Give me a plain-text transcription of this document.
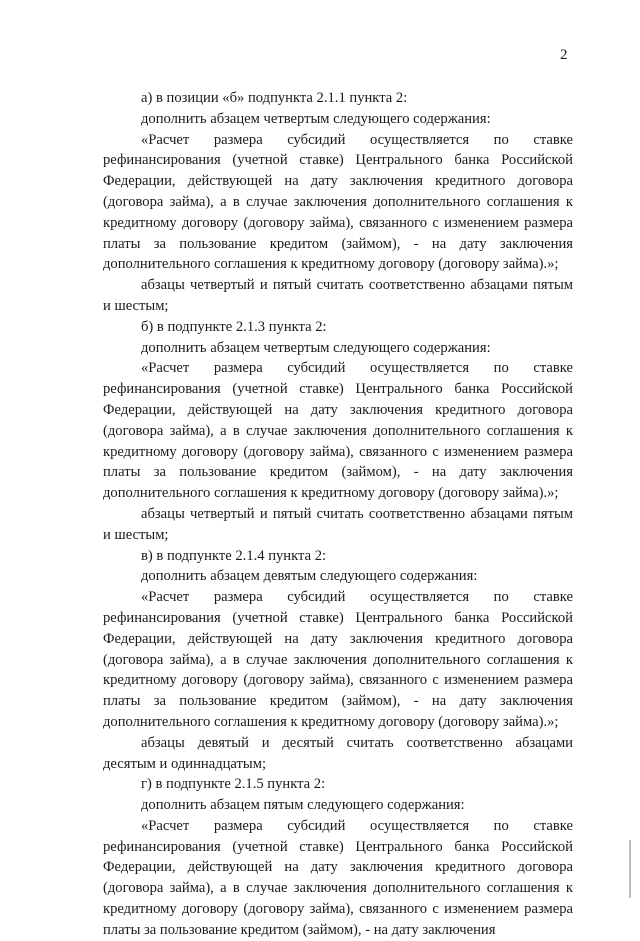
2

а) в позиции «б» подпункта 2.1.1 пункта 2:

дополнить абзацем четвертым следующего содержания:

«Расчет размера субсидий осуществляется по ставке рефинансирования (учетной ставке) Центрального банка Российской Федерации, действующей на дату заключения кредитного договора (договора займа), а в случае заключения дополнительного соглашения к кредитному договору (договору займа), связанного с изменением размера платы за пользование кредитом (займом), - на дату заключения дополнительного соглашения к кредитному договору (договору займа).»;

абзацы четвертый и пятый считать соответственно абзацами пятым и шестым;

б) в подпункте 2.1.3 пункта 2:

дополнить абзацем четвертым следующего содержания:

«Расчет размера субсидий осуществляется по ставке рефинансирования (учетной ставке) Центрального банка Российской Федерации, действующей на дату заключения кредитного договора (договора займа), а в случае заключения дополнительного соглашения к кредитному договору (договору займа), связанного с изменением размера платы за пользование кредитом (займом), - на дату заключения дополнительного соглашения к кредитному договору (договору займа).»;

абзацы четвертый и пятый считать соответственно абзацами пятым и шестым;

в) в подпункте 2.1.4 пункта 2:

дополнить абзацем девятым следующего содержания:

«Расчет размера субсидий осуществляется по ставке рефинансирования (учетной ставке) Центрального банка Российской Федерации, действующей на дату заключения кредитного договора (договора займа), а в случае заключения дополнительного соглашения к кредитному договору (договору займа), связанного с изменением размера платы за пользование кредитом (займом), - на дату заключения дополнительного соглашения к кредитному договору (договору займа).»;

абзацы девятый и десятый считать соответственно абзацами десятым и одиннадцатым;

г) в подпункте 2.1.5 пункта 2:

дополнить абзацем пятым следующего содержания:

«Расчет размера субсидий осуществляется по ставке рефинансирования (учетной ставке) Центрального банка Российской Федерации, действующей на дату заключения кредитного договора (договора займа), а в случае заключения дополнительного соглашения к кредитному договору (договору займа), связанного с изменением размера платы за пользование кредитом (займом), - на дату заключения
